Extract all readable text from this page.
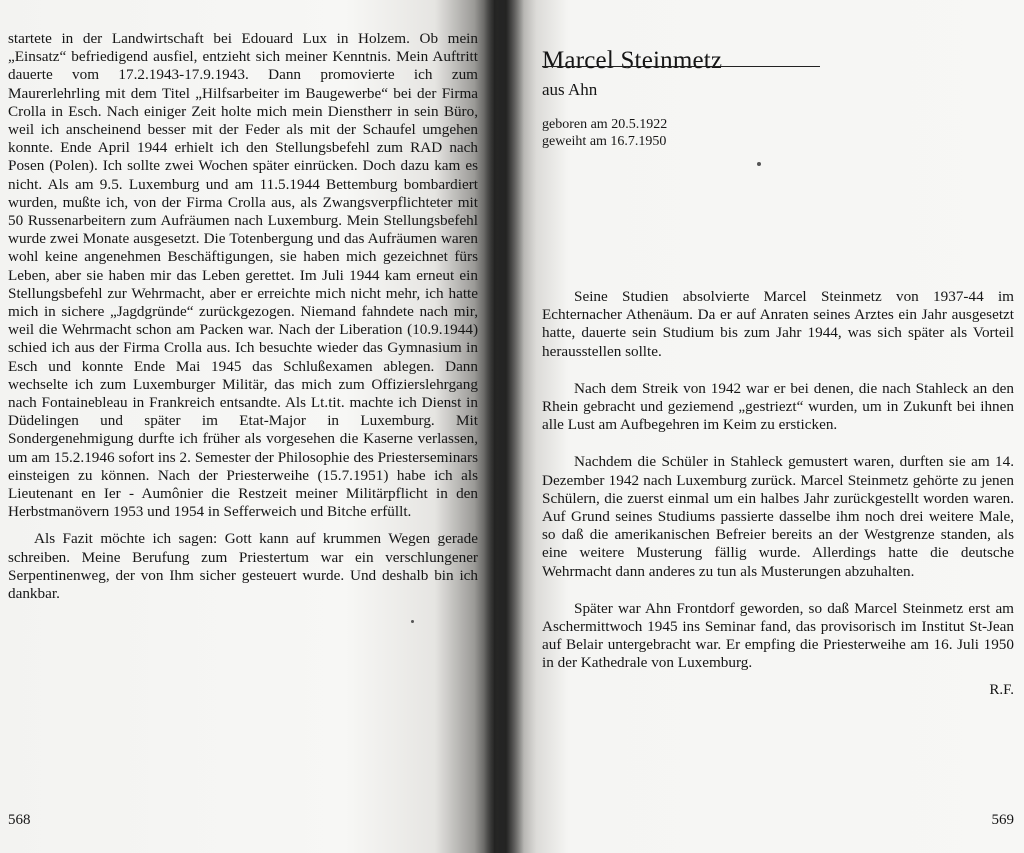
startete in der Landwirtschaft bei Edouard Lux in Holzem. Ob mein „Einsatz“ befriedigend ausfiel, entzieht sich meiner Kenntnis. Mein Auftritt dauerte vom 17.2.1943-17.9.1943. Dann promovierte ich zum Maurerlehrling mit dem Titel „Hilfsarbeiter im Baugewerbe“ bei der Firma Crolla in Esch. Nach einiger Zeit holte mich mein Dienstherr in sein Büro, weil ich anscheinend besser mit der Feder als mit der Schaufel umgehen konnte. Ende April 1944 erhielt ich den Stellungsbefehl zum RAD nach Posen (Polen). Ich sollte zwei Wochen später einrücken. Doch dazu kam es nicht. Als am 9.5. Luxemburg und am 11.5.1944 Bettemburg bombardiert wurden, mußte ich, von der Firma Crolla aus, als Zwangsverpflichteter mit 50 Russenarbeitern zum Aufräumen nach Luxemburg. Mein Stellungsbefehl wurde zwei Monate ausgesetzt. Die Totenbergung und das Aufräumen waren wohl keine angenehmen Beschäftigungen, sie haben mich gezeichnet fürs Leben, aber sie haben mir das Leben gerettet. Im Juli 1944 kam erneut ein Stellungsbefehl zur Wehrmacht, aber er erreichte mich nicht mehr, ich hatte mich in sichere „Jagdgründe“ zurückgezogen. Niemand fahndete nach mir, weil die Wehrmacht schon am Packen war. Nach der Liberation (10.9.1944) schied ich aus der Firma Crolla aus. Ich besuchte wieder das Gymnasium in Esch und konnte Ende Mai 1945 das Schlußexamen ablegen. Dann wechselte ich zum Luxemburger Militär, das mich zum Offizierslehrgang nach Fontainebleau in Frankreich entsandte. Als Lt.tit. machte ich Dienst in Düdelingen und später im Etat-Major in Luxemburg. Mit Sondergenehmigung durfte ich früher als vorgesehen die Kaserne verlassen, um am 15.2.1946 sofort ins 2. Semester der Philosophie des Priesterseminars einsteigen zu können. Nach der Priesterweihe (15.7.1951) habe ich als Lieutenant en Ier - Aumônier die Restzeit meiner Militärpflicht in den Herbstmanövern 1953 und 1954 in Sefferweich und Bitche erfüllt.

Als Fazit möchte ich sagen: Gott kann auf krummen Wegen gerade schreiben. Meine Berufung zum Priestertum war ein verschlungener Serpentinenweg, der von Ihm sicher gesteuert wurde. Und deshalb bin ich dankbar.

568
Marcel Steinmetz
aus Ahn
geboren am 20.5.1922
geweiht am 16.7.1950

Seine Studien absolvierte Marcel Steinmetz von 1937-44 im Echternacher Athenäum. Da er auf Anraten seines Arztes ein Jahr ausgesetzt hatte, dauerte sein Studium bis zum Jahr 1944, was sich später als Vorteil herausstellen sollte.

Nach dem Streik von 1942 war er bei denen, die nach Stahleck an den Rhein gebracht und geziemend „gestriezt“ wurden, um in Zukunft bei ihnen alle Lust am Aufbegehren im Keim zu ersticken.

Nachdem die Schüler in Stahleck gemustert waren, durften sie am 14. Dezember 1942 nach Luxemburg zurück. Marcel Steinmetz gehörte zu jenen Schülern, die zuerst einmal um ein halbes Jahr zurückgestellt worden waren. Auf Grund seines Studiums passierte dasselbe ihm noch drei weitere Male, so daß die amerikanischen Befreier bereits an der Westgrenze standen, als eine weitere Musterung fällig wurde. Allerdings hatte die deutsche Wehrmacht dann anderes zu tun als Musterungen abzuhalten.

Später war Ahn Frontdorf geworden, so daß Marcel Steinmetz erst am Aschermittwoch 1945 ins Seminar fand, das provisorisch im Institut St-Jean auf Belair untergebracht war. Er empfing die Priesterweihe am 16. Juli 1950 in der Kathedrale von Luxemburg.

R.F.
569
